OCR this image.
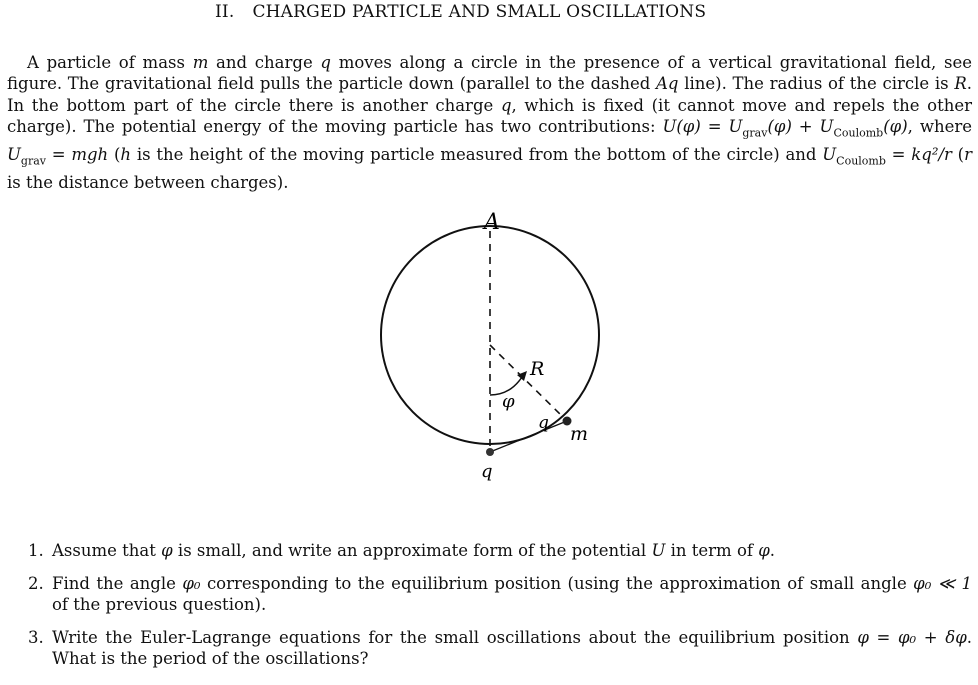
II. CHARGED PARTICLE AND SMALL OSCILLATIONS
A particle of mass m and charge q moves along a circle in the presence of a vertical gravitational field, see figure. The gravitational field pulls the particle down (parallel to the dashed Aq line). The radius of the circle is R. In the bottom part of the circle there is another charge q, which is fixed (it cannot move and repels the other charge). The potential energy of the moving particle has two contributions: $U(\varphi) = U_{grav}(\varphi) + U_{Coulomb}(\varphi)$, where $U_{grav}$ = mgh (h is the height of the moving particle measured from the bottom of the circle) and $U_{Coulomb} = kq^2/r$ (r is the distance between charges).
A
R
φ
q m
q
1. Assume that φ is small, and write an approximate form of the potential U in term of φ.
2. Find the angle φ₀ corresponding to the equilibrium position (using the approximation of small angle φ₀ ≪ 1 of the previous question).
3. Write the Euler-Lagrange equations for the small oscillations about the equilibrium position φ = φ₀ + δφ. What is the period of the oscillations?
